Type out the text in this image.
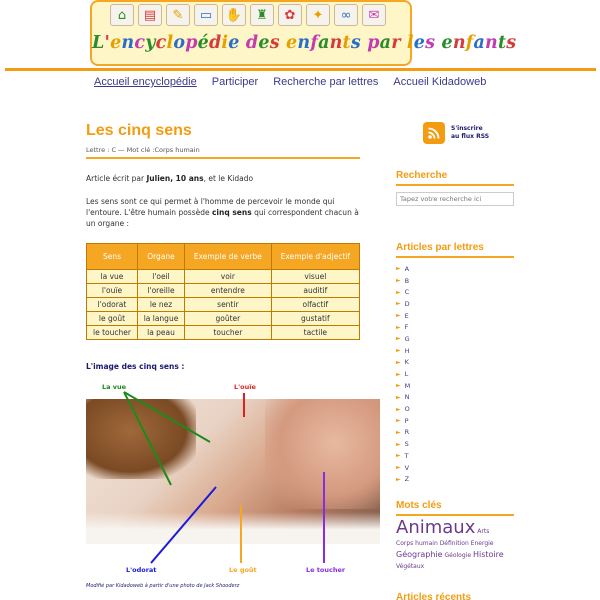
⌂	▤	✎	▭	✋	♜	✿	✦	∞	✉
L'encyclopédie des enfants par les enfants
Accueil encyclopédie Participer Recherche par lettres Accueil Kidadoweb
Les cinq sens
Lettre : C — Mot clé :Corps humain

Article écrit par Julien, 10 ans, et le Kidado

Les sens sont ce qui permet à l'homme de percevoir le monde qui l'entoure. L'être humain possède cinq sens qui correspondent chacun à un organe :

Sens	Organe	Exemple de verbe	Exemple d'adjectif
la vue	l'oeil	voir	visuel
l'ouïe	l'oreille	entendre	auditif
l'odorat	le nez	sentir	olfactif
le goût	la langue	goûter	gustatif
le toucher	la peau	toucher	tactile
L'image des cinq sens :
La vue	L'ouïe
L'odorat	Le goût	Le toucher
Modifié par Kidadoweb à partir d'une photo de Jack Shooderz
S'inscrire
au flux RSS
Recherche
Tapez votre recherche ici
Articles par lettres
► A
► B
► C
► D
► E
► F
► G
► H
► K
► L
► M
► N
► O
► P
► R
► S
► T
► V
► Z
Mots clés
Animaux Arts
Corps humain Définition Energie
Géographie Géologie Histoire
Végétaux
Articles récents
